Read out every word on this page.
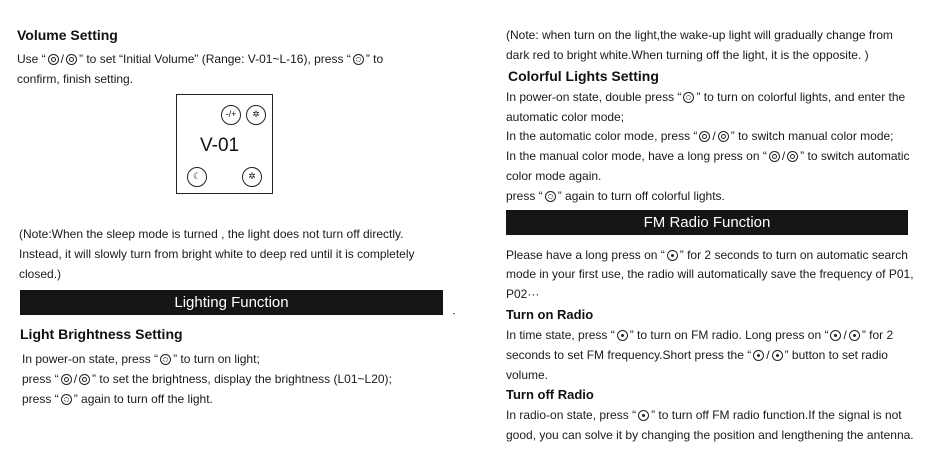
Volume Setting
Use “ / ” to set “Initial Volume” (Range: V-01~L-16), press “ ” to
confirm, finish setting.
-/+	✲
V-01
☾	✲
(Note:When the sleep mode is turned , the light does not turn off directly.
Instead, it will slowly turn from bright white to deep red until it is completely
closed.)
Lighting Function
Light Brightness Setting
In power-on state, press “ ” to turn on light;
press “ / ” to set the brightness, display the brightness (L01~L20);
press “ ” again to turn off the light.
(Note: when turn on the light,the wake-up light will gradually change from
dark red to bright white.When turning off the light, it is the opposite. )
Colorful Lights Setting
In power-on state, double press “ ” to turn on colorful lights, and enter the
automatic color mode;
In the automatic color mode, press “ / ” to switch manual color mode;
In the manual color mode, have a long press on “ / ” to switch automatic
color mode again.
press “ ” again to turn off colorful lights.
FM Radio Function
Please have a long press on “ ” for 2 seconds to turn on automatic search
mode in your first use, the radio will automatically save the frequency of P01,
P02···
Turn on Radio
In time state, press “ ” to turn on FM radio. Long press on “ / ” for 2
seconds to set FM frequency.Short press the “ / ” button to set radio
volume.
Turn off Radio
In radio-on state, press “ ” to turn off FM radio function.If the signal is not
good, you can solve it by changing the position and lengthening the antenna.
